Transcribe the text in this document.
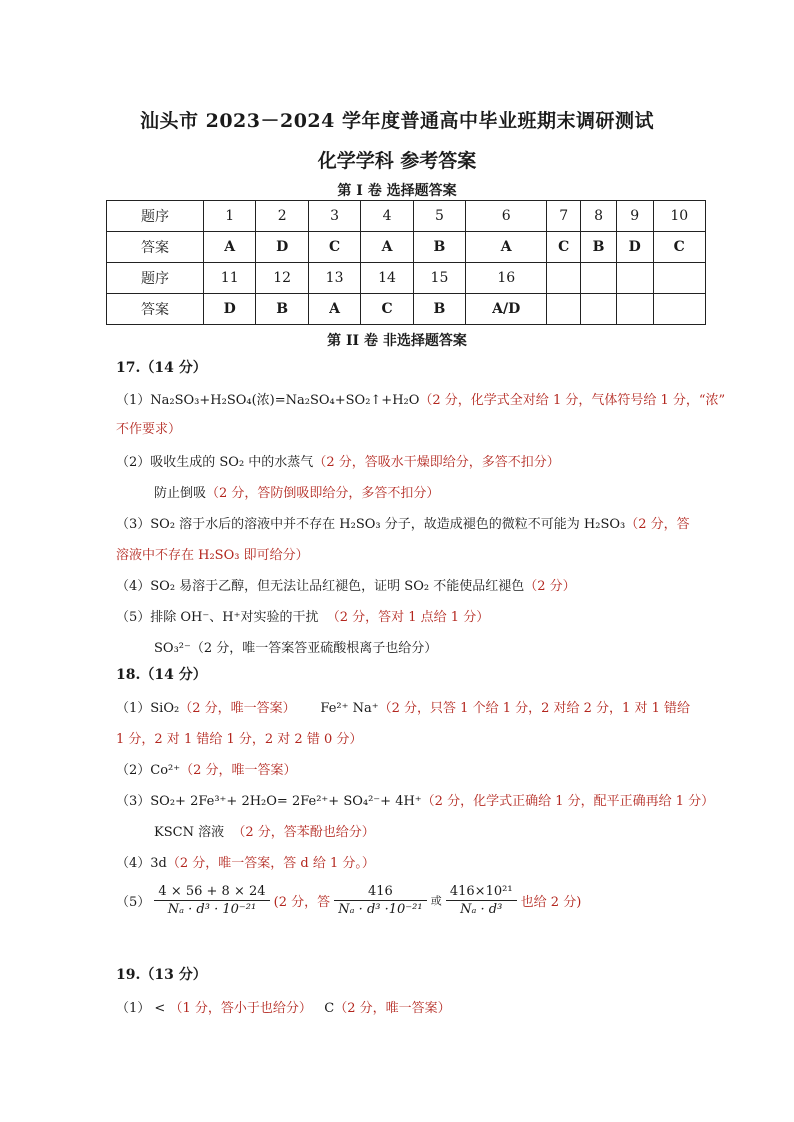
汕头市 2023－2024 学年度普通高中毕业班期末调研测试
化学学科 参考答案
第 I 卷 选择题答案
题序	1	2	3	4	5	6	7	8	9	10
答案	A	D	C	A	B	A	C	B	D	C
题序	11	12	13	14	15	16				
答案	D	B	A	C	B	A/D				
第 II 卷 非选择题答案
17.（14 分）
（1）Na₂SO₃+H₂SO₄(浓)=Na₂SO₄+SO₂↑+H₂O（2 分，化学式全对给 1 分，气体符号给 1 分，“浓”
不作要求）
（2）吸收生成的 SO₂ 中的水蒸气（2 分，答吸水干燥即给分，多答不扣分）
防止倒吸（2 分，答防倒吸即给分，多答不扣分）
（3）SO₂ 溶于水后的溶液中并不存在 H₂SO₃ 分子，故造成褪色的微粒不可能为 H₂SO₃（2 分，答
溶液中不存在 H₂SO₃ 即可给分）
（4）SO₂ 易溶于乙醇，但无法让品红褪色，证明 SO₂ 不能使品红褪色（2 分）
（5）排除 OH⁻、H⁺对实验的干扰 （2 分，答对 1 点给 1 分）
SO₃²⁻（2 分，唯一答案答亚硫酸根离子也给分）
18.（14 分）
（1）SiO₂（2 分，唯一答案） Fe²⁺ Na⁺（2 分，只答 1 个给 1 分，2 对给 2 分，1 对 1 错给
1 分，2 对 1 错给 1 分，2 对 2 错 0 分）
（2）Co²⁺（2 分，唯一答案）
（3）SO₂+ 2Fe³⁺+ 2H₂O= 2Fe²⁺+ SO₄²⁻+ 4H⁺（2 分，化学式正确给 1 分，配平正确再给 1 分）
KSCN 溶液 （2 分，答苯酚也给分）
（4）3d（2 分，唯一答案，答 d 给 1 分。）
$(5) \frac{4 \times 56 + 8 \times 24}{\text{Nₐ · d³ · 10⁻²¹}} (2$ 分，答 $\frac{416}{\text{Nₐ · d³ ·10⁻²¹}}$ 或 $\frac{\text{416×10²¹}}{\text{Nₐ · d³}}$ 也给 2 分)
19.（13 分）
（1） < （1 分，答小于也给分） C（2 分，唯一答案）
